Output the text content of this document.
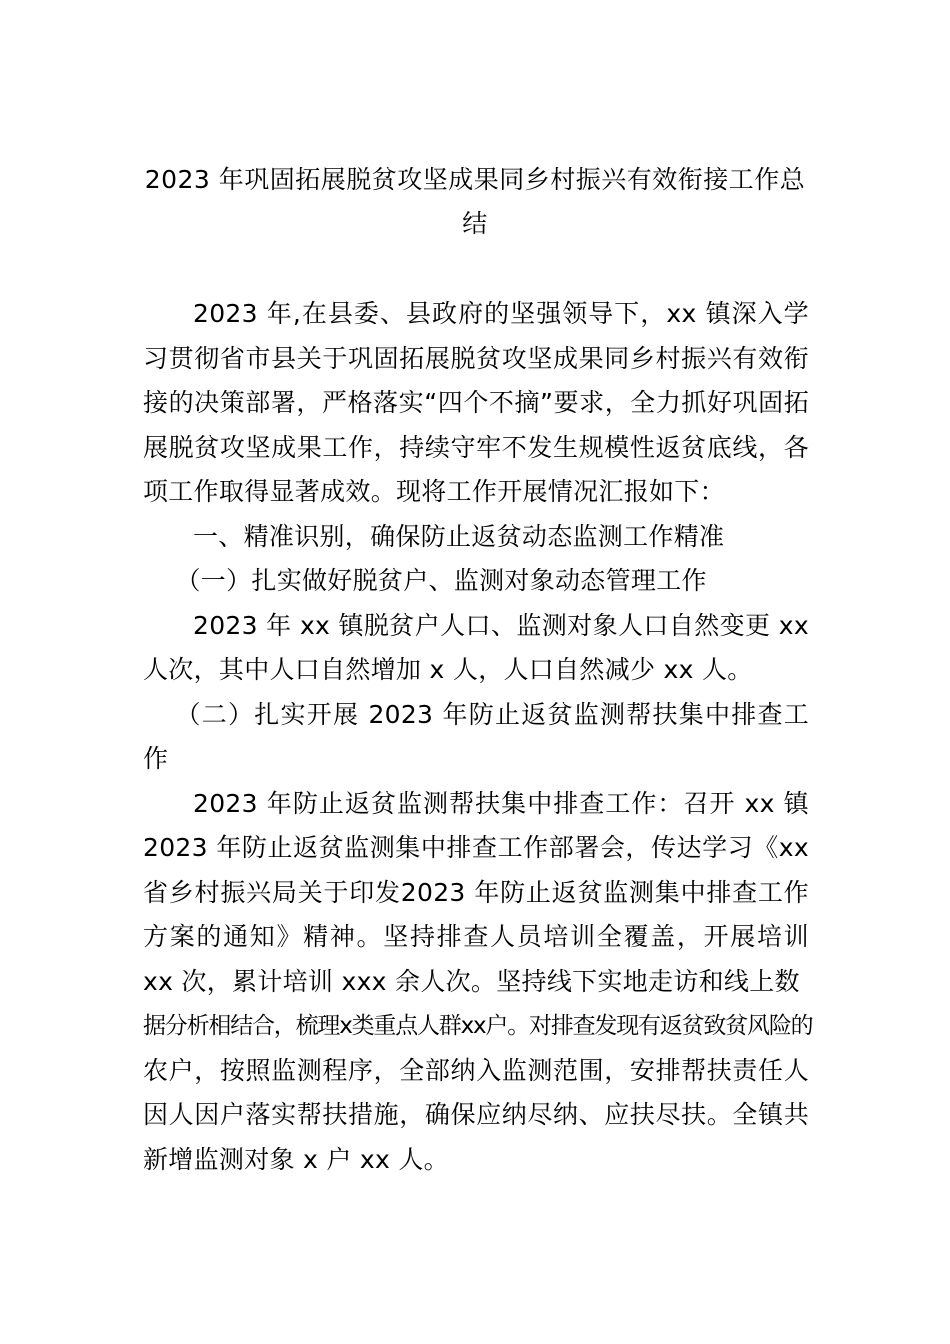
2023 年巩固拓展脱贫攻坚成果同乡村振兴有效衔接工作总
结

2023 年,在县委、县政府的坚强领导下，xx 镇深入学习贯彻省市县关于巩固拓展脱贫攻坚成果同乡村振兴有效衔接的决策部署，严格落实“四个不摘”要求，全力抓好巩固拓展脱贫攻坚成果工作，持续守牢不发生规模性返贫底线，各项工作取得显著成效。现将工作开展情况汇报如下：

一、精准识别，确保防止返贫动态监测工作精准

（一）扎实做好脱贫户、监测对象动态管理工作

2023 年 xx 镇脱贫户人口、监测对象人口自然变更 xx 人次，其中人口自然增加 x 人，人口自然减少 xx 人。

（二）扎实开展 2023 年防止返贫监测帮扶集中排查工作

2023 年防止返贫监测帮扶集中排查工作：召开 xx 镇 2023 年防止返贫监测集中排查工作部署会，传达学习《xx 省乡村振兴局关于印发2023 年防止返贫监测集中排查工作方案的通知》精神。坚持排查人员培训全覆盖，开展培训 xx 次，累计培训 xxx 余人次。坚持线下实地走访和线上数

据分析相结合，梳理x类重点人群xx户。对排查发现有返贫致贫风险的

农户，按照监测程序，全部纳入监测范围，安排帮扶责任人因人因户落实帮扶措施，确保应纳尽纳、应扶尽扶。全镇共新增监测对象 x 户 xx 人。
